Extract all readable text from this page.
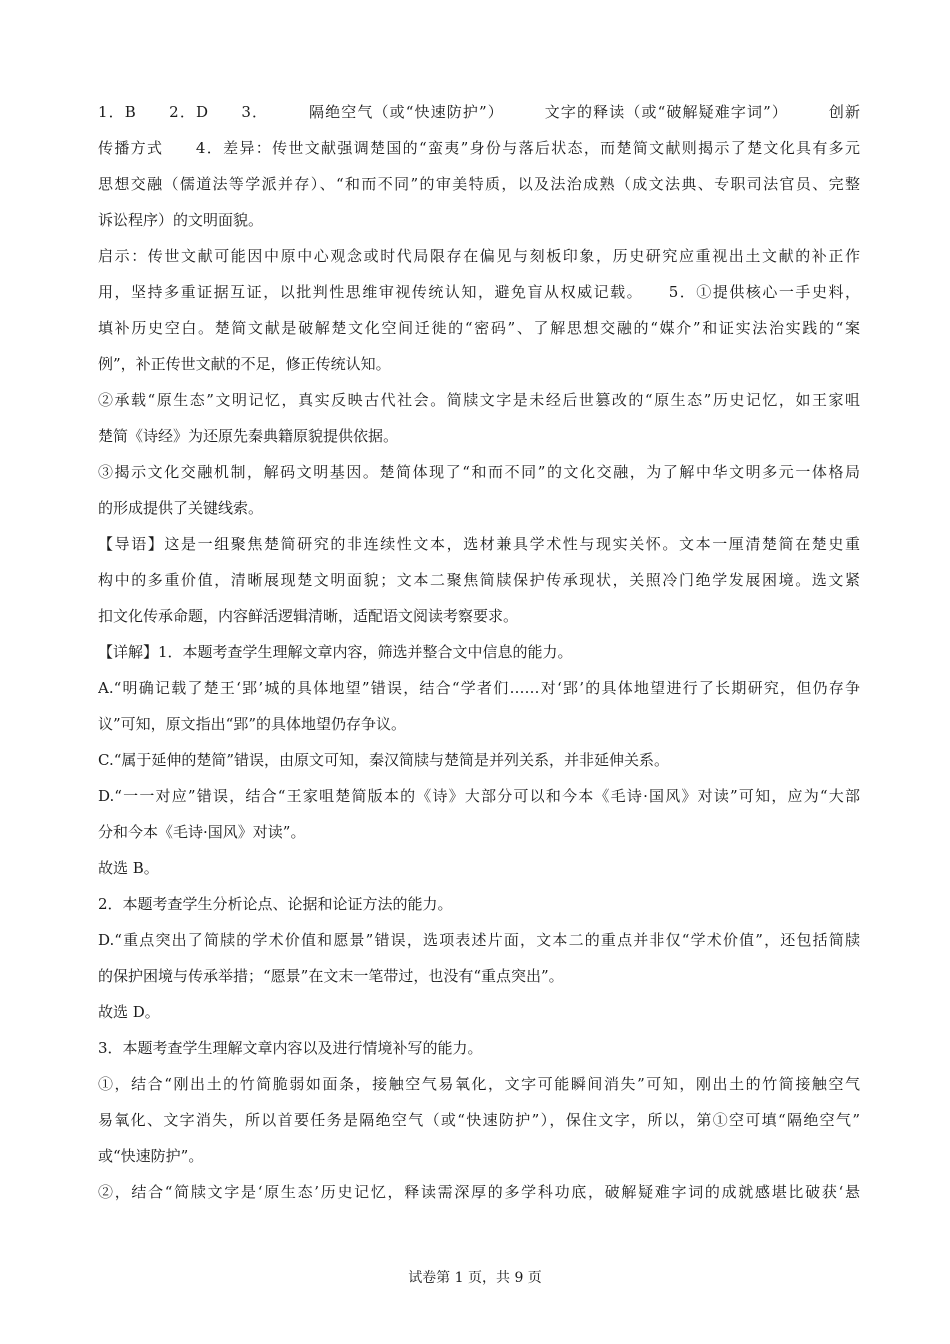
1．B　　2．D　　3．　　　隔绝空气（或“快速防护”）　　　文字的释读（或“破解疑难字词”）　　　创新
传播方式　　4．差异：传世文献强调楚国的“蛮夷”身份与落后状态，而楚简文献则揭示了楚文化具有多元
思想交融（儒道法等学派并存）、“和而不同”的审美特质，以及法治成熟（成文法典、专职司法官员、完整
诉讼程序）的文明面貌。
启示：传世文献可能因中原中心观念或时代局限存在偏见与刻板印象，历史研究应重视出土文献的补正作
用，坚持多重证据互证，以批判性思维审视传统认知，避免盲从权威记载。　　5．①提供核心一手史料，
填补历史空白。楚简文献是破解楚文化空间迁徙的“密码”、了解思想交融的“媒介”和证实法治实践的“案
例”，补正传世文献的不足，修正传统认知。
②承载“原生态”文明记忆，真实反映古代社会。简牍文字是未经后世篡改的“原生态”历史记忆，如王家咀
楚简《诗经》为还原先秦典籍原貌提供依据。
③揭示文化交融机制，解码文明基因。楚简体现了“和而不同”的文化交融，为了解中华文明多元一体格局
的形成提供了关键线索。
【导语】这是一组聚焦楚简研究的非连续性文本，选材兼具学术性与现实关怀。文本一厘清楚简在楚史重
构中的多重价值，清晰展现楚文明面貌；文本二聚焦简牍保护传承现状，关照冷门绝学发展困境。选文紧
扣文化传承命题，内容鲜活逻辑清晰，适配语文阅读考察要求。
【详解】1．本题考查学生理解文章内容，筛选并整合文中信息的能力。
A.“明确记载了楚王‘郢’城的具体地望”错误，结合“学者们……对‘郢’的具体地望进行了长期研究，但仍存争
议”可知，原文指出“郢”的具体地望仍存争议。
C.“属于延伸的楚简”错误，由原文可知，秦汉简牍与楚简是并列关系，并非延伸关系。
D.“一一对应”错误，结合“王家咀楚简版本的《诗》大部分可以和今本《毛诗·国风》对读”可知，应为“大部
分和今本《毛诗·国风》对读”。
故选 B。
2．本题考查学生分析论点、论据和论证方法的能力。
D.“重点突出了简牍的学术价值和愿景”错误，选项表述片面，文本二的重点并非仅“学术价值”，还包括简牍
的保护困境与传承举措；“愿景”在文末一笔带过，也没有“重点突出”。
故选 D。
3．本题考查学生理解文章内容以及进行情境补写的能力。
①，结合“刚出土的竹简脆弱如面条，接触空气易氧化，文字可能瞬间消失”可知，刚出土的竹简接触空气
易氧化、文字消失，所以首要任务是隔绝空气（或“快速防护”），保住文字，所以，第①空可填“隔绝空气”
或“快速防护”。
②，结合“简牍文字是‘原生态’历史记忆，释读需深厚的多学科功底，破解疑难字词的成就感堪比破获‘悬
试卷第 1 页，共 9 页
